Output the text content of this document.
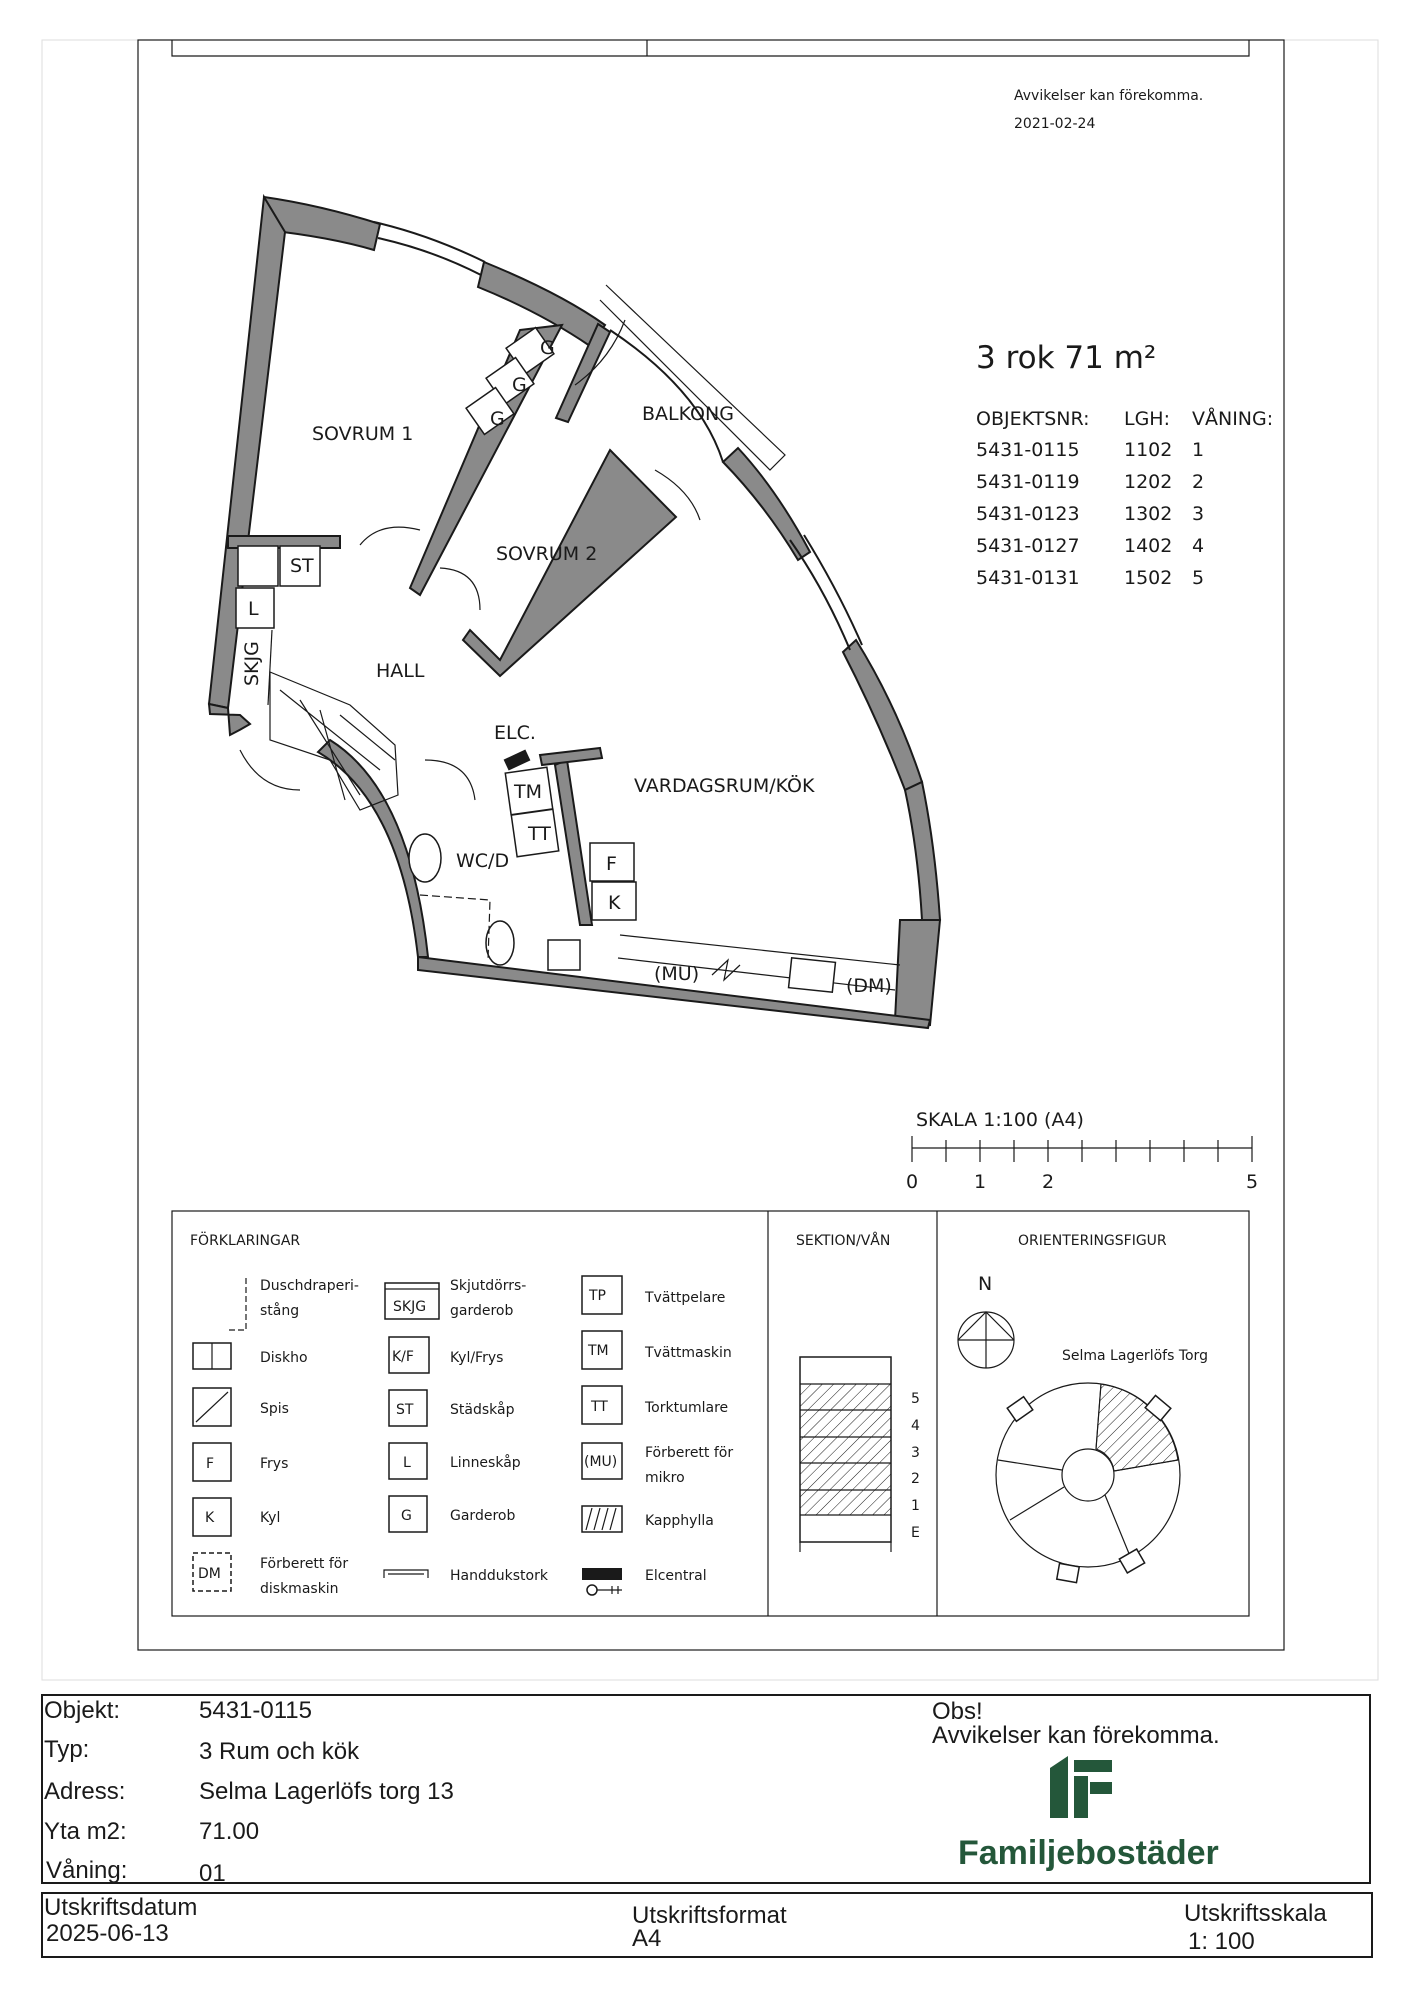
Avvikelser kan förekomma.
2021-02-24
G
G
G
ST
L
SKJG
TM
TT
F
K
(MU)
(DM)
SOVRUM 1
SOVRUM 2
BALKONG
HALL
VARDAGSRUM/KÖK
WC/D
ELC.
3 rok 71 m²
OBJEKTSNR: LGH: VÅNING:
5431-0115 1102 1
5431-0119 1202 2
5431-0123 1302 3
5431-0127 1402 4
5431-0131 1502 5
SKALA 1:100 (A4)
0	1	2	5
FÖRKLARINGAR
Duschdraperi-
stång
Diskho
Spis
F	Frys
K	Kyl
DM
Förberett för
diskmaskin
SKJG
Skjutdörrs-
garderob
K/F	Kyl/Frys
ST	Städskåp
L	Linneskåp
G	Garderob
Handdukstork
TP	Tvättpelare
TM	Tvättmaskin
TT	Torktumlare
(MU)
Förberett för
mikro
Kapphylla
Elcentral
SEKTION/VÅN
5
4
3
2
1
E
ORIENTERINGSFIGUR
N
Selma Lagerlöfs Torg
Objekt:	5431-0115
Typ:	3 Rum och kök
Adress:	Selma Lagerlöfs torg 13
Yta m2:	71.00
Våning:	01
Obs!
Avvikelser kan förekomma.
Familjebostäder
Utskriftsdatum
2025-06-13
Utskriftsformat
A4
Utskriftsskala
1: 100
